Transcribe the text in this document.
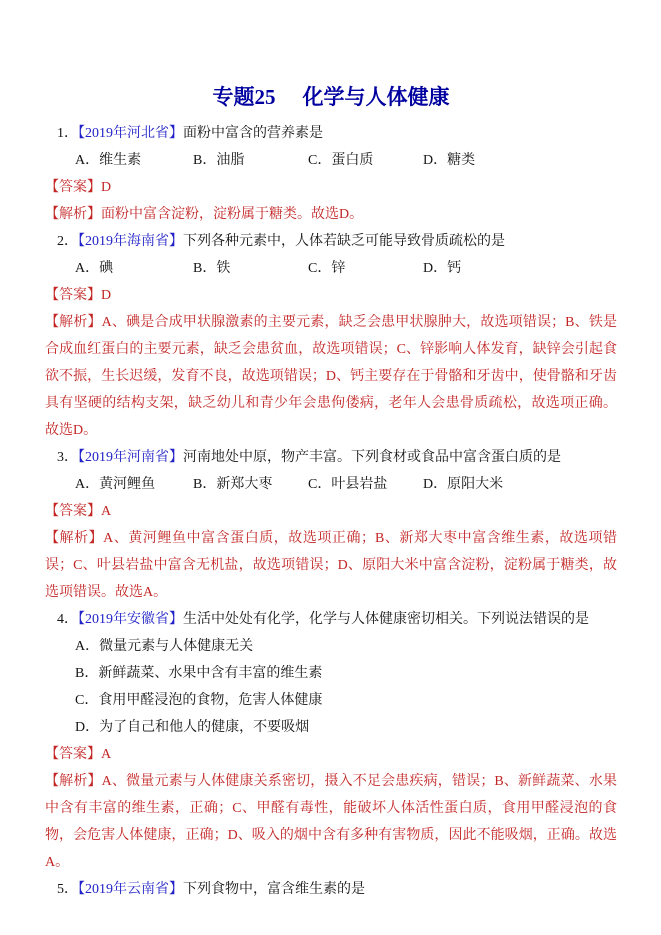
专题25 化学与人体健康

1．【2019年河北省】面粉中富含的营养素是

A．维生素	B．油脂	C．蛋白质	D．糖类

【答案】D

【解析】面粉中富含淀粉，淀粉属于糖类。故选D。

2．【2019年海南省】下列各种元素中，人体若缺乏可能导致骨质疏松的是

A．碘	B．铁	C．锌	D．钙

【答案】D

【解析】A、碘是合成甲状腺激素的主要元素，缺乏会患甲状腺肿大，故选项错误；B、铁是合成血红蛋白的主要元素，缺乏会患贫血，故选项错误；C、锌影响人体发育，缺锌会引起食欲不振，生长迟缓，发育不良，故选项错误；D、钙主要存在于骨骼和牙齿中，使骨骼和牙齿具有坚硬的结构支架，缺乏幼儿和青少年会患佝偻病，老年人会患骨质疏松，故选项正确。故选D。

3．【2019年河南省】河南地处中原，物产丰富。下列食材或食品中富含蛋白质的是

A．黄河鲤鱼	B．新郑大枣	C．叶县岩盐	D．原阳大米

【答案】A

【解析】A、黄河鲤鱼中富含蛋白质，故选项正确；B、新郑大枣中富含维生素，故选项错误；C、叶县岩盐中富含无机盐，故选项错误；D、原阳大米中富含淀粉，淀粉属于糖类，故选项错误。故选A。

4．【2019年安徽省】生活中处处有化学，化学与人体健康密切相关。下列说法错误的是

A．微量元素与人体健康无关

B．新鲜蔬菜、水果中含有丰富的维生素

C．食用甲醛浸泡的食物，危害人体健康

D．为了自己和他人的健康，不要吸烟

【答案】A

【解析】A、微量元素与人体健康关系密切，摄入不足会患疾病，错误；B、新鲜蔬菜、水果中含有丰富的维生素，正确；C、甲醛有毒性，能破坏人体活性蛋白质，食用甲醛浸泡的食物，会危害人体健康，正确；D、吸入的烟中含有多种有害物质，因此不能吸烟，正确。故选A。

5．【2019年云南省】下列食物中，富含维生素的是
